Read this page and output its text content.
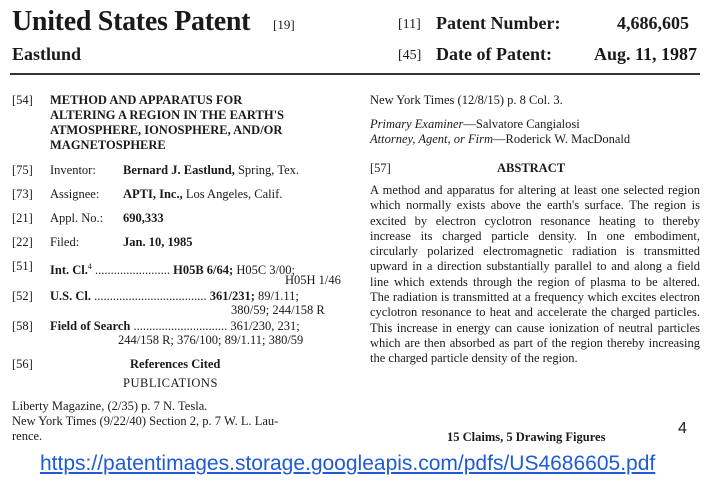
United States Patent [19]
Eastlund
[11] Patent Number:	4,686,605
[45] Date of Patent: Aug. 11, 1987
[54] METHOD AND APPARATUS FOR
ALTERING A REGION IN THE EARTH'S
ATMOSPHERE, IONOSPHERE, AND/OR
MAGNETOSPHERE
[75] Inventor: Bernard J. Eastlund, Spring, Tex.
[73] Assignee: APTI, Inc., Los Angeles, Calif.
[21] Appl. No.: 690,333
[22] Filed:	Jan. 10, 1985
[51] Int. Cl.$^4$ ........................ H05B 6/64; H05C 3/00;
H05H 1/46
[52] U.S. Cl. .................................... 361/231; 89/1.11;
380/59; 244/158 R
[58] Field of Search .............................. 361/230, 231;
244/158 R; 376/100; 89/1.11; 380/59
[56]	References Cited
PUBLICATIONS
Liberty Magazine, (2/35) p. 7 N. Tesla.
New York Times (9/22/40) Section 2, p. 7 W. L. Lau-
rence.
New York Times (12/8/15) p. 8 Col. 3.
Primary Examiner—Salvatore Cangialosi
Attorney, Agent, or Firm—Roderick W. MacDonald
[57]	ABSTRACT
A method and apparatus for altering at least one selected region which normally exists above the earth's surface. The region is excited by electron cyclotron resonance heating to thereby increase its charged particle density. In one embodiment, circularly polarized electromagnetic radiation is transmitted upward in a direction substantially parallel to and along a field line which extends through the region of plasma to be altered. The radiation is transmitted at a frequency which excites electron cyclotron resonance to heat and accelerate the charged particles. This increase in energy can cause ionization of neutral particles which are then absorbed as part of the region thereby increasing the charged particle density of the region.
15 Claims, 5 Drawing Figures	4
https://patentimages.storage.googleapis.com/pdfs/US4686605.pdf
